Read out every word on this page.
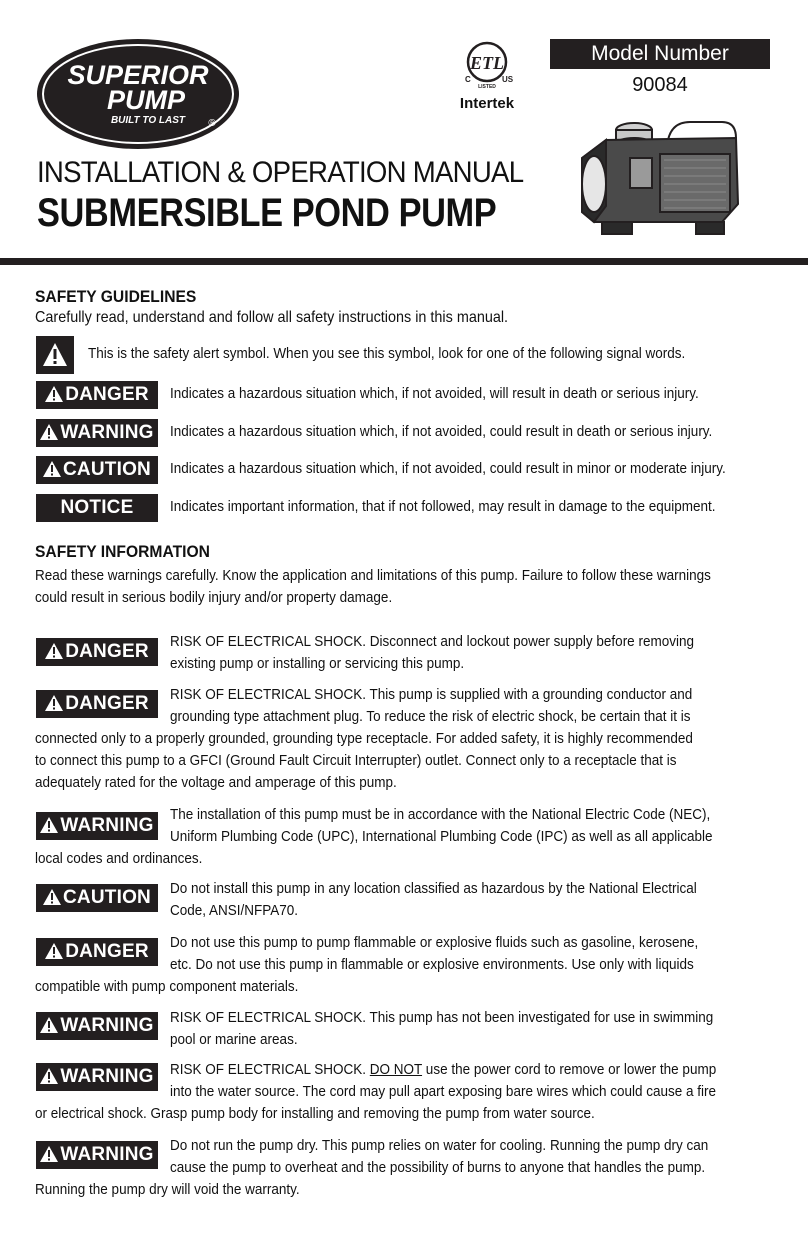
SUPERIOR
PUMP
BUILT TO LAST ®
ETL
C	US
LISTED
Intertek
Model Number
90084
INSTALLATION & OPERATION MANUAL
SUBMERSIBLE POND PUMP
SAFETY GUIDELINES
Carefully read, understand and follow all safety instructions in this manual.
This is the safety alert symbol. When you see this symbol, look for one of the following signal words.
DANGER	Indicates a hazardous situation which, if not avoided, will result in death or serious injury.
WARNING Indicates a hazardous situation which, if not avoided, could result in death or serious injury.
CAUTION	Indicates a hazardous situation which, if not avoided, could result in minor or moderate injury.
NOTICE	Indicates important information, that if not followed, may result in damage to the equipment.
SAFETY INFORMATION
Read these warnings carefully. Know the application and limitations of this pump. Failure to follow these warnings
could result in serious bodily injury and/or property damage.
DANGER	RISK OF ELECTRICAL SHOCK. Disconnect and lockout power supply before removing
existing pump or installing or servicing this pump.
DANGER	RISK OF ELECTRICAL SHOCK. This pump is supplied with a grounding conductor and
grounding type attachment plug. To reduce the risk of electric shock, be certain that it is
connected only to a properly grounded, grounding type receptacle. For added safety, it is highly recommended
to connect this pump to a GFCI (Ground Fault Circuit Interrupter) outlet. Connect only to a receptacle that is
adequately rated for the voltage and amperage of this pump.
WARNING
The installation of this pump must be in accordance with the National Electric Code (NEC),
Uniform Plumbing Code (UPC), International Plumbing Code (IPC) as well as all applicable
local codes and ordinances.
CAUTION	Do not install this pump in any location classified as hazardous by the National Electrical
Code, ANSI/NFPA70.
DANGER	Do not use this pump to pump flammable or explosive fluids such as gasoline, kerosene,
etc. Do not use this pump in flammable or explosive environments. Use only with liquids
compatible with pump component materials.
WARNING RISK OF ELECTRICAL SHOCK. This pump has not been investigated for use in swimming
pool or marine areas.
WARNING RISK OF ELECTRICAL SHOCK. DO NOT use the power cord to remove or lower the pump
into the water source. The cord may pull apart exposing bare wires which could cause a fire
or electrical shock. Grasp pump body for installing and removing the pump from water source.
WARNING Do not run the pump dry. This pump relies on water for cooling. Running the pump dry can
cause the pump to overheat and the possibility of burns to anyone that handles the pump.
Running the pump dry will void the warranty.
